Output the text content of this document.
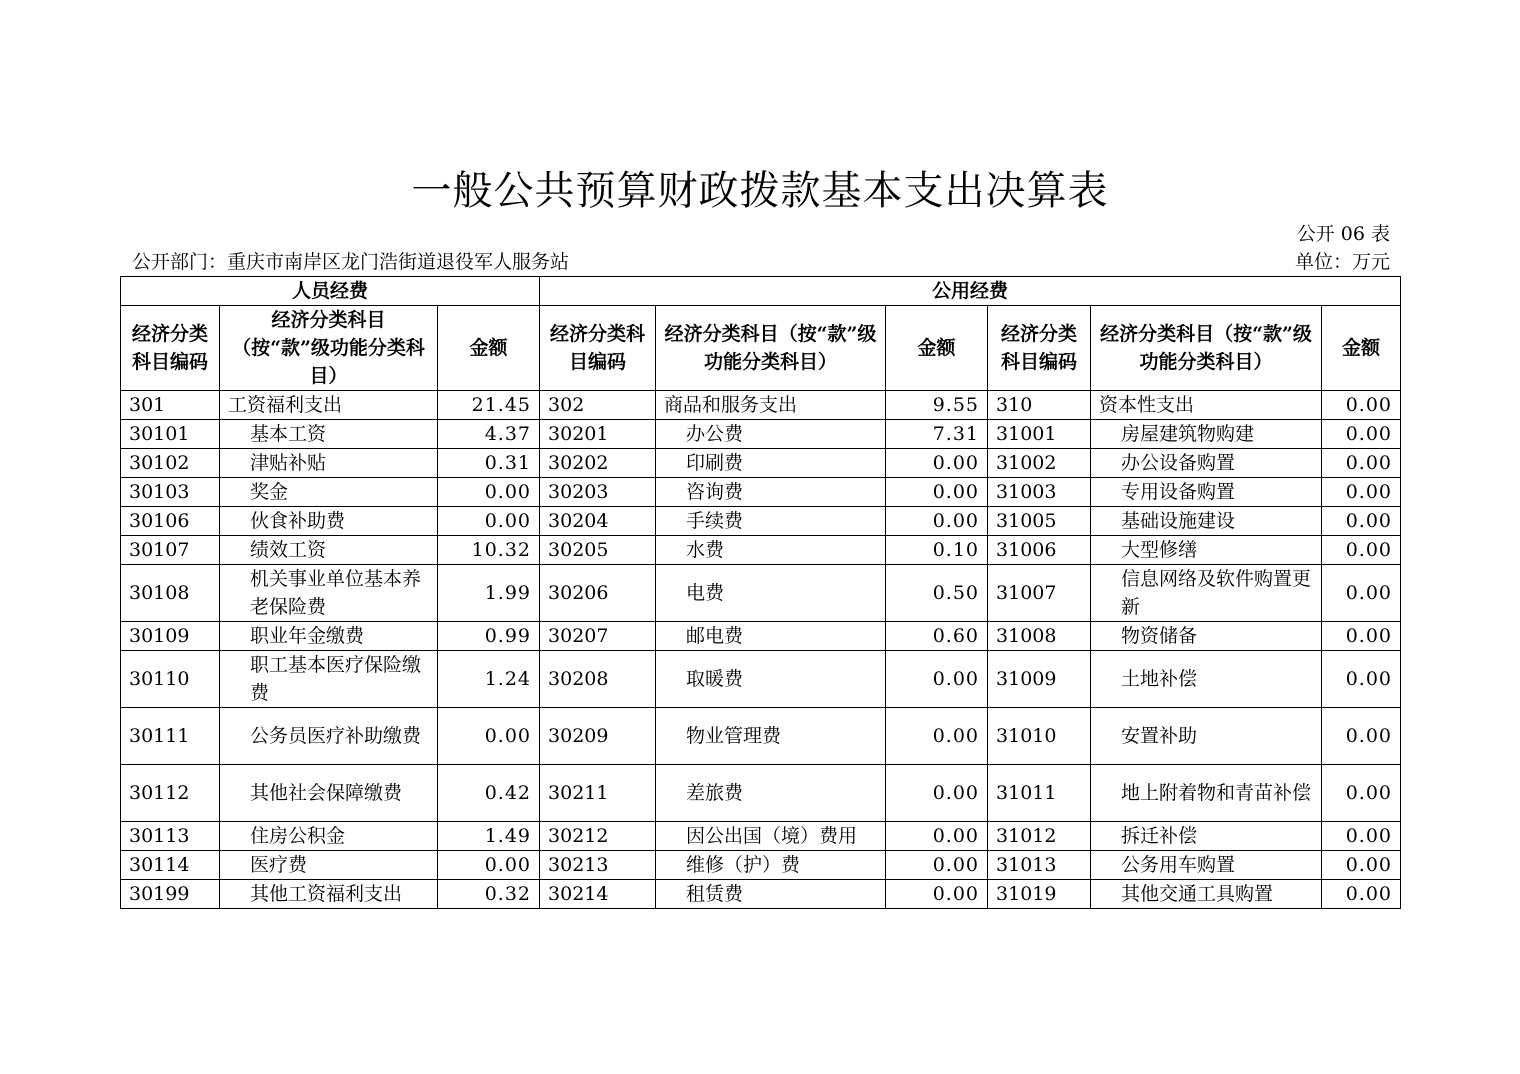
一般公共预算财政拨款基本支出决算表
公开 06 表
公开部门：重庆市南岸区龙门浩街道退役军人服务站	单位：万元
人员经费			公用经费					
经济分类科目编码	经济分类科目（按“款”级功能分类科目）	金额	经济分类科目编码	经济分类科目（按“款”级功能分类科目）	金额	经济分类科目编码	经济分类科目（按“款”级功能分类科目）	金额
301	工资福利支出	21.45	302	商品和服务支出	9.55	310	资本性支出	0.00
30101	基本工资	4.37	30201	办公费	7.31	31001	房屋建筑物购建	0.00
30102	津贴补贴	0.31	30202	印刷费	0.00	31002	办公设备购置	0.00
30103	奖金	0.00	30203	咨询费	0.00	31003	专用设备购置	0.00
30106	伙食补助费	0.00	30204	手续费	0.00	31005	基础设施建设	0.00
30107	绩效工资	10.32	30205	水费	0.10	31006	大型修缮	0.00
30108	机关事业单位基本养老保险费	1.99	30206	电费	0.50	31007	信息网络及软件购置更新	0.00
30109	职业年金缴费	0.99	30207	邮电费	0.60	31008	物资储备	0.00
30110	职工基本医疗保险缴费	1.24	30208	取暖费	0.00	31009	土地补偿	0.00
30111	公务员医疗补助缴费	0.00	30209	物业管理费	0.00	31010	安置补助	0.00
30112	其他社会保障缴费	0.42	30211	差旅费	0.00	31011	地上附着物和青苗补偿	0.00
30113	住房公积金	1.49	30212	因公出国（境）费用	0.00	31012	拆迁补偿	0.00
30114	医疗费	0.00	30213	维修（护）费	0.00	31013	公务用车购置	0.00
30199	其他工资福利支出	0.32	30214	租赁费	0.00	31019	其他交通工具购置	0.00
